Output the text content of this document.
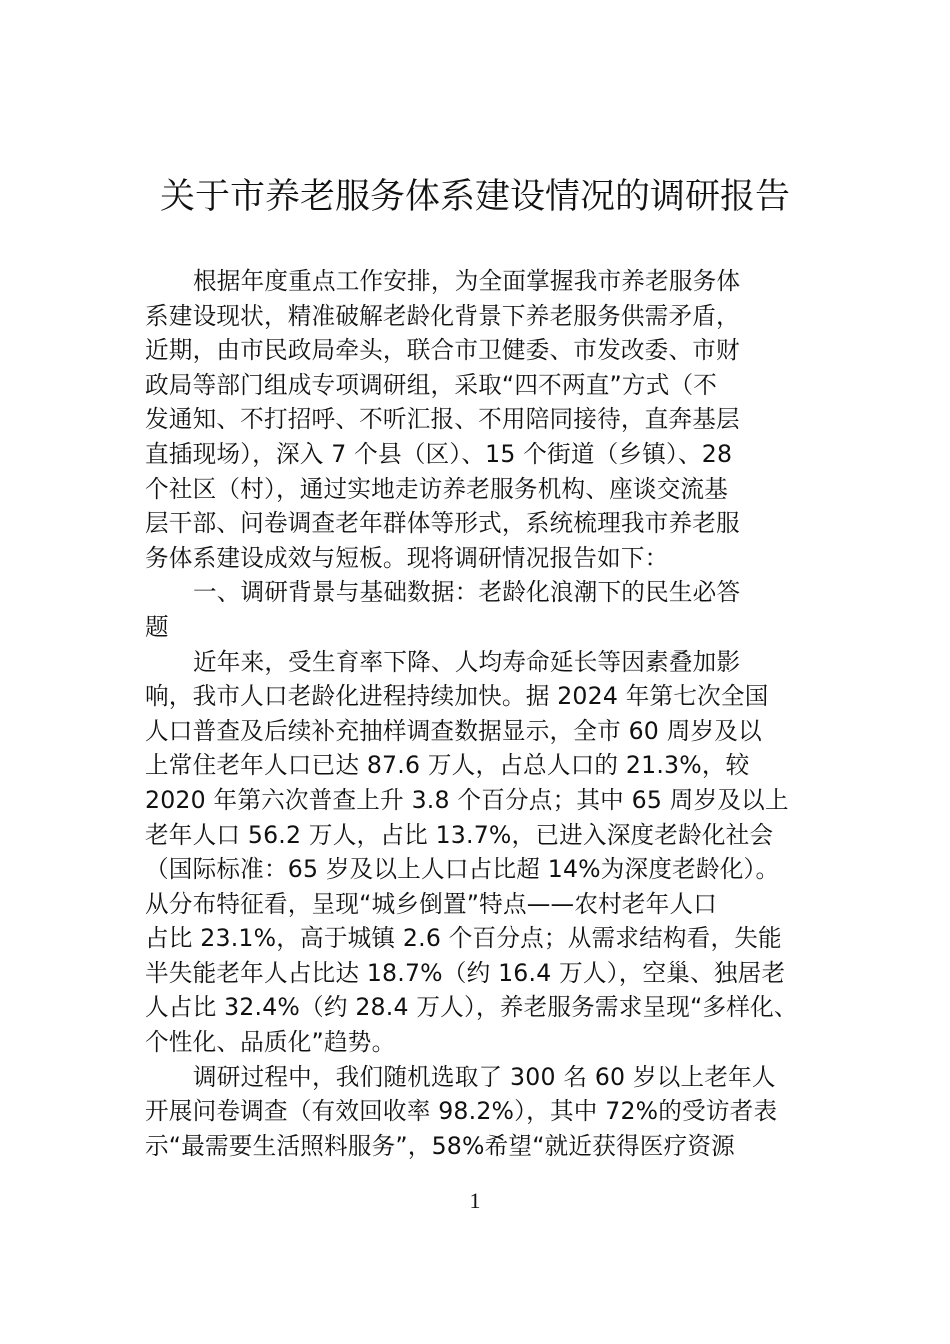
关于市养老服务体系建设情况的调研报告
根据年度重点工作安排，为全面掌握我市养老服务体
系建设现状，精准破解老龄化背景下养老服务供需矛盾，
近期，由市民政局牵头，联合市卫健委、市发改委、市财
政局等部门组成专项调研组，采取“四不两直”方式（不
发通知、不打招呼、不听汇报、不用陪同接待，直奔基层
直插现场），深入 7 个县（区）、15 个街道（乡镇）、28
个社区（村），通过实地走访养老服务机构、座谈交流基
层干部、问卷调查老年群体等形式，系统梳理我市养老服
务体系建设成效与短板。现将调研情况报告如下：
一、调研背景与基础数据：老龄化浪潮下的民生必答
题
近年来，受生育率下降、人均寿命延长等因素叠加影
响，我市人口老龄化进程持续加快。据 2024 年第七次全国
人口普查及后续补充抽样调查数据显示，全市 60 周岁及以
上常住老年人口已达 87.6 万人，占总人口的 21.3%，较
2020 年第六次普查上升 3.8 个百分点；其中 65 周岁及以上
老年人口 56.2 万人，占比 13.7%，已进入深度老龄化社会
（国际标准：65 岁及以上人口占比超 14%为深度老龄化）。
从分布特征看，呈现“城乡倒置”特点——农村老年人口
占比 23.1%，高于城镇 2.6 个百分点；从需求结构看，失能
半失能老年人占比达 18.7%（约 16.4 万人），空巢、独居老
人占比 32.4%（约 28.4 万人），养老服务需求呈现“多样化、
个性化、品质化”趋势。
调研过程中，我们随机选取了 300 名 60 岁以上老年人
开展问卷调查（有效回收率 98.2%），其中 72%的受访者表
示“最需要生活照料服务”，58%希望“就近获得医疗资源
1
